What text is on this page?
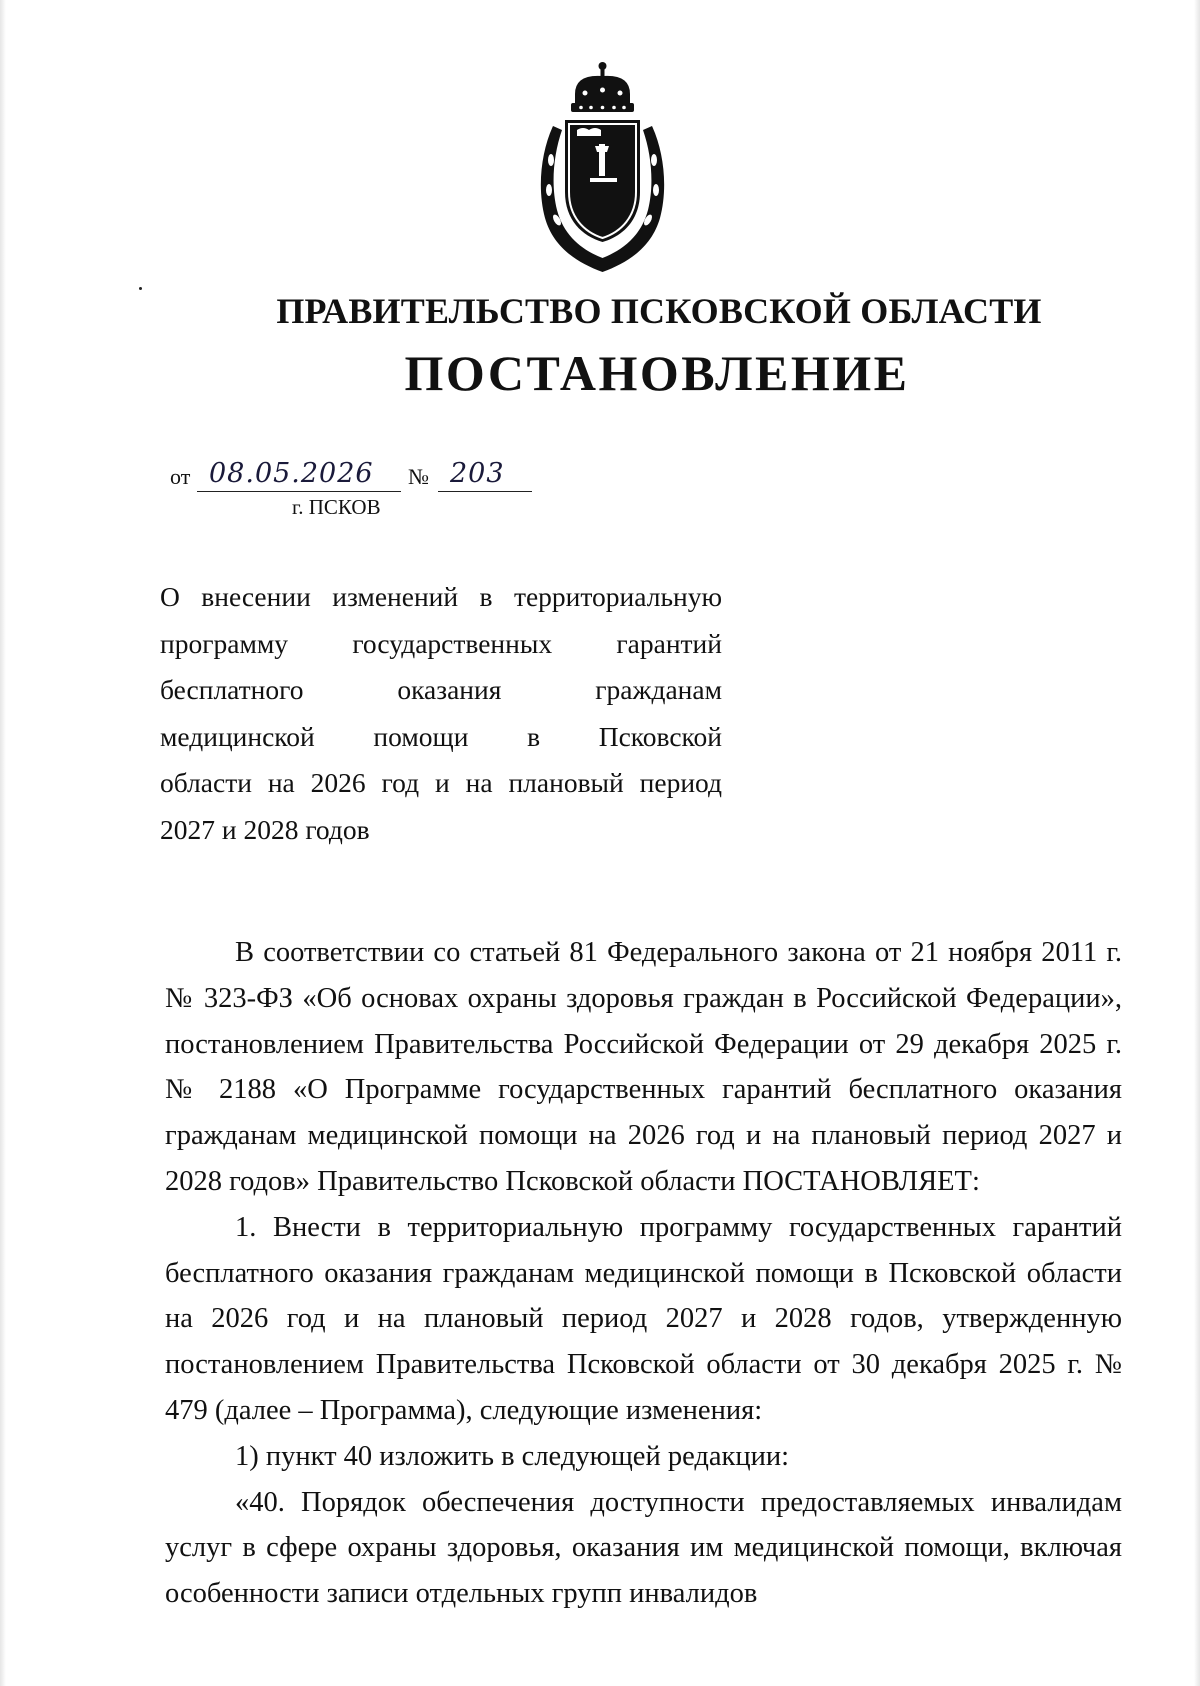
ПРАВИТЕЛЬСТВО ПСКОВСКОЙ ОБЛАСТИ
ПОСТАНОВЛЕНИЕ
от 08.05.2026 № 203
г. ПСКОВ
О внесении изменений в территориальную
программу государственных гарантий
бесплатного оказания гражданам
медицинской помощи в Псковской
области на 2026 год и на плановый период
2027 и 2028 годов

В соответствии со статьей 81 Федерального закона от 21 ноября 2011 г. № 323-ФЗ «Об основах охраны здоровья граждан в Российской Федерации», постановлением Правительства Российской Федерации от 29 декабря 2025 г. № 2188 «О Программе государственных гарантий бесплатного оказания гражданам медицинской помощи на 2026 год и на плановый период 2027 и 2028 годов» Правительство Псковской области ПОСТАНОВЛЯЕТ:

1. Внести в территориальную программу государственных гарантий бесплатного оказания гражданам медицинской помощи в Псковской области на 2026 год и на плановый период 2027 и 2028 годов, утвержденную постановлением Правительства Псковской области от 30 декабря 2025 г. № 479 (далее – Программа), следующие изменения:

1) пункт 40 изложить в следующей редакции:

«40. Порядок обеспечения доступности предоставляемых инвалидам услуг в сфере охраны здоровья, оказания им медицинской помощи, включая особенности записи отдельных групп инвалидов
